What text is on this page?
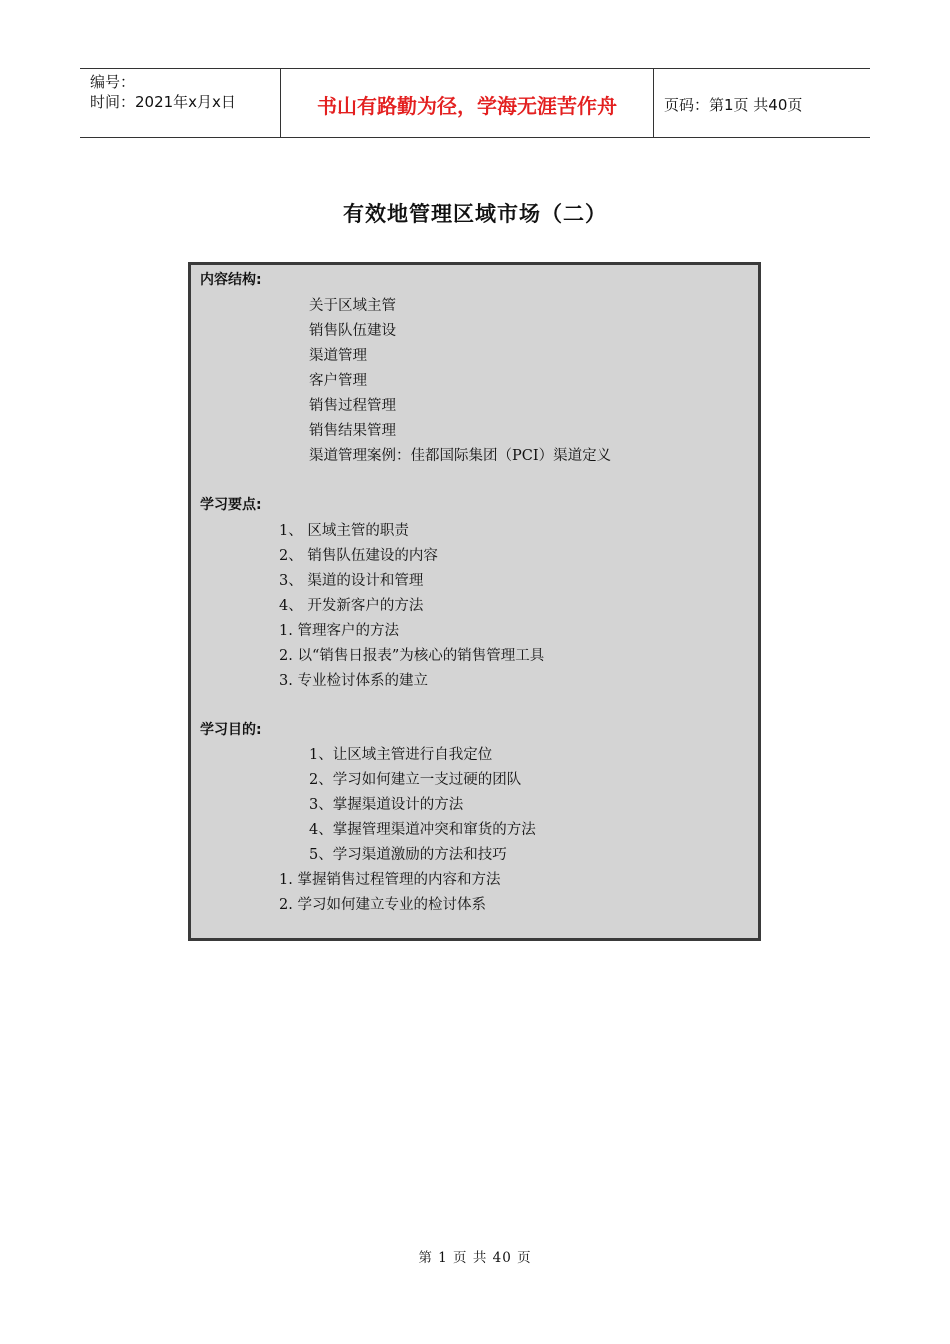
编号：
时间：2021年x月x日	书山有路勤为径，学海无涯苦作舟	页码：第1页 共40页
有效地管理区域市场（二）
内容结构:
关于区域主管
销售队伍建设
渠道管理
客户管理
销售过程管理
销售结果管理
渠道管理案例：佳都国际集团（PCI）渠道定义
学习要点:
1、 区域主管的职责
2、 销售队伍建设的内容
3、 渠道的设计和管理
4、 开发新客户的方法
1. 管理客户的方法
2. 以“销售日报表”为核心的销售管理工具
3. 专业检讨体系的建立
学习目的:
1、让区域主管进行自我定位
2、学习如何建立一支过硬的团队
3、掌握渠道设计的方法
4、掌握管理渠道冲突和窜货的方法
5、学习渠道激励的方法和技巧
1. 掌握销售过程管理的内容和方法
2. 学习如何建立专业的检讨体系
第 1 页 共 40 页
